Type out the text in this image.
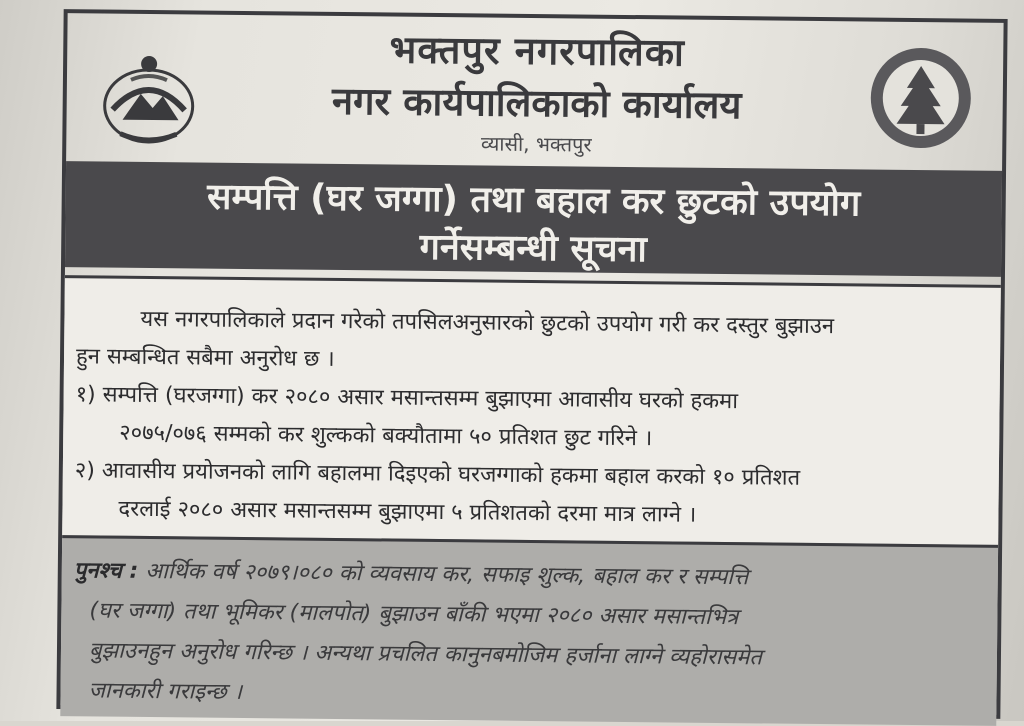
भक्तपुर नगरपालिका
नगर कार्यपालिकाको कार्यालय
व्यासी, भक्तपुर
सम्पत्ति (घर जग्गा) तथा बहाल कर छुटको उपयोग
गर्नेसम्बन्धी सूचना

यस नगरपालिकाले प्रदान गरेको तपसिलअनुसारको छुटको उपयोग गरी कर दस्तुर बुझाउन

हुन सम्बन्धित सबैमा अनुरोध छ ।

१) सम्पत्ति (घरजग्गा) कर २०८० असार मसान्तसम्म बुझाएमा आवासीय घरको हकमा

२०७५/०७६ सम्मको कर शुल्कको बक्यौतामा ५० प्रतिशत छुट गरिने ।

२) आवासीय प्रयोजनको लागि बहालमा दिइएको घरजग्गाको हकमा बहाल करको १० प्रतिशत

दरलाई २०८० असार मसान्तसम्म बुझाएमा ५ प्रतिशतको दरमा मात्र लाग्ने ।

पुनश्च : आर्थिक वर्ष २०७९।०८० को व्यवसाय कर, सफाइ शुल्क, बहाल कर र सम्पत्ति

(घर जग्गा) तथा भूमिकर (मालपोत) बुझाउन बाँकी भएमा २०८० असार मसान्तभित्र

बुझाउनहुन अनुरोध गरिन्छ । अन्यथा प्रचलित कानुनबमोजिम हर्जाना लाग्ने व्यहोरासमेत

जानकारी गराइन्छ ।
